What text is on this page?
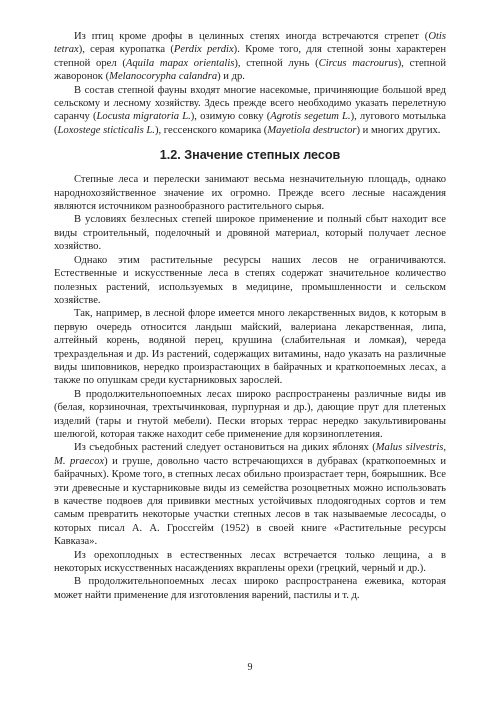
Из птиц кроме дрофы в целинных степях иногда встречаются стрепет (Otis tetrax), серая куропатка (Perdix perdix). Кроме того, для степной зоны характерен степной орел (Aquila mapax orientalis), степной лунь (Circus macrourus), степной жаворонок (Melanocorypha calandra) и др.

В состав степной фауны входят многие насекомые, причиняющие большой вред сельскому и лесному хозяйству. Здесь прежде всего необходимо указать перелетную саранчу (Locusta migratoria L.), озимую совку (Agrotis segetum L.), лугового мотылька (Loxostege sticticalis L.), гессенского комарика (Mayetiola destructor) и многих других.

1.2. Значение степных лесов

Степные леса и перелески занимают весьма незначительную площадь, однако народнохозяйственное значение их огромно. Прежде всего лесные насаждения являются источником разнообразного растительного сырья.

В условиях безлесных степей широкое применение и полный сбыт находит все виды строительный, поделочный и дровяной материал, который получает лесное хозяйство.

Однако этим растительные ресурсы наших лесов не ограничиваются. Естественные и искусственные леса в степях содержат значительное количество полезных растений, используемых в медицине, промышленности и сельском хозяйстве.

Так, например, в лесной флоре имеется много лекарственных видов, к которым в первую очередь относится ландыш майский, валериана лекарственная, липа, алтейный корень, водяной перец, крушина (слабительная и ломкая), череда трехраздельная и др. Из растений, содержащих витамины, надо указать на различные виды шиповников, нередко произрастающих в байрачных и краткопоемных лесах, а также по опушкам среди кустарниковых зарослей.

В продолжительнопоемных лесах широко распространены различные виды ив (белая, корзиночная, трехтычинковая, пурпурная и др.), дающие прут для плетеных изделий (тары и гнутой мебели). Пески вторых террас нередко закультивированы шелюгой, которая также находит себе применение для корзиноплетения.

Из съедобных растений следует остановиться на диких яблонях (Malus silvestris, M. praecox) и груше, довольно часто встречающихся в дубравах (краткопоемных и байрачных). Кроме того, в степных лесах обильно произрастает терн, боярышник. Все эти древесные и кустарниковые виды из семейства розоцветных можно использовать в качестве подвоев для прививки местных устойчивых плодоягодных сортов и тем самым превратить некоторые участки степных лесов в так называемые лесосады, о которых писал А. А. Гроссгейм (1952) в своей книге «Растительные ресурсы Кавказа».

Из орехоплодных в естественных лесах встречается только лещина, а в некоторых искусственных насаждениях вкраплены орехи (грецкий, черный и др.).

В продолжительнопоемных лесах широко распространена ежевика, которая может найти применение для изготовления варений, пастилы и т. д.

9
